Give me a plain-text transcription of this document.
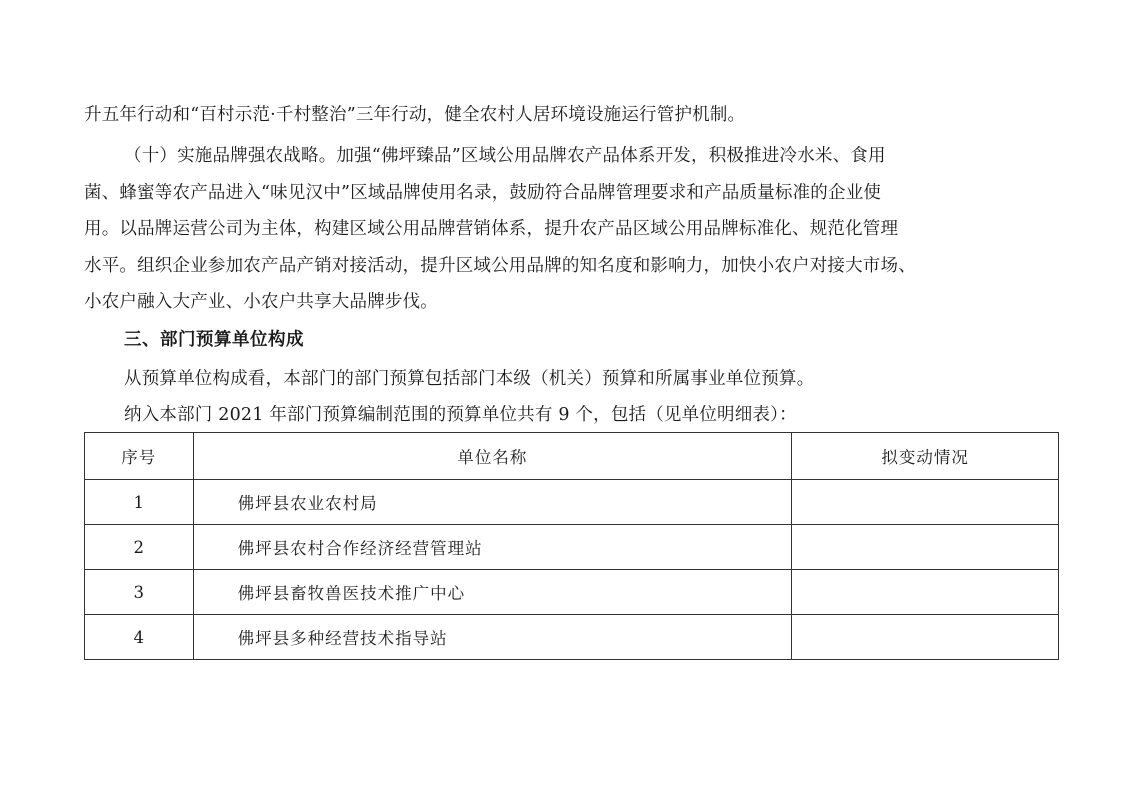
升五年行动和“百村示范·千村整治”三年行动，健全农村人居环境设施运行管护机制。
（十）实施品牌强农战略。加强“佛坪臻品”区域公用品牌农产品体系开发，积极推进冷水米、食用
菌、蜂蜜等农产品进入“味见汉中”区域品牌使用名录，鼓励符合品牌管理要求和产品质量标准的企业使
用。以品牌运营公司为主体，构建区域公用品牌营销体系，提升农产品区域公用品牌标准化、规范化管理
水平。组织企业参加农产品产销对接活动，提升区域公用品牌的知名度和影响力，加快小农户对接大市场、
小农户融入大产业、小农户共享大品牌步伐。
三、部门预算单位构成
从预算单位构成看，本部门的部门预算包括部门本级（机关）预算和所属事业单位预算。
纳入本部门 2021 年部门预算编制范围的预算单位共有 9 个，包括（见单位明细表）：
序号	单位名称	拟变动情况
1	佛坪县农业农村局	
2	佛坪县农村合作经济经营管理站	
3	佛坪县畜牧兽医技术推广中心	
4	佛坪县多种经营技术指导站	
